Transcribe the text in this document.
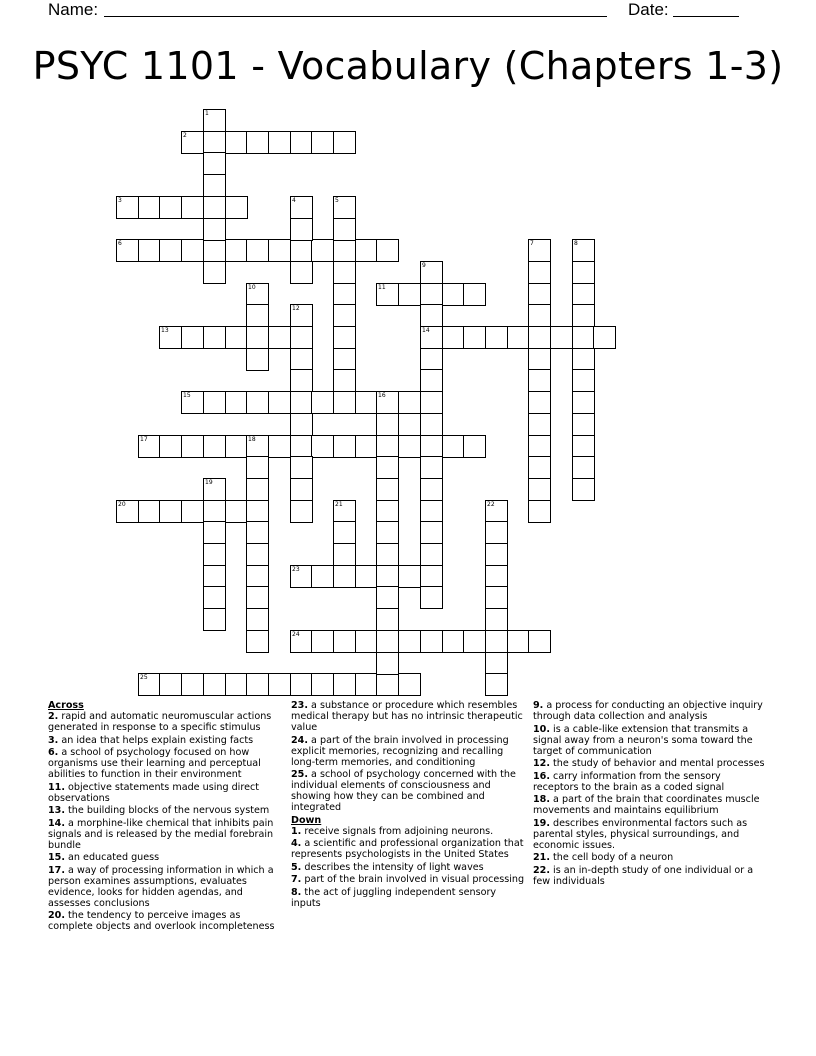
Name:	Date:
PSYC 1101 - Vocabulary (Chapters 1-3)
2
3
6
11
13	14
15	16
17	18
20
23
24
25
1
4	5
7	8
9
10
12
19
21	22
Across
2. rapid and automatic neuromuscular actions generated in response to a specific stimulus
3. an idea that helps explain existing facts
6. a school of psychology focused on how organisms use their learning and perceptual abilities to function in their environment
11. objective statements made using direct observations
13. the building blocks of the nervous system
14. a morphine-like chemical that inhibits pain signals and is released by the medial forebrain bundle
15. an educated guess
17. a way of processing information in which a person examines assumptions, evaluates evidence, looks for hidden agendas, and assesses conclusions
20. the tendency to perceive images as complete objects and overlook incompleteness
23. a substance or procedure which resembles medical therapy but has no intrinsic therapeutic value
24. a part of the brain involved in processing explicit memories, recognizing and recalling long-term memories, and conditioning
25. a school of psychology concerned with the individual elements of consciousness and showing how they can be combined and integrated
Down
1. receive signals from adjoining neurons.
4. a scientific and professional organization that represents psychologists in the United States
5. describes the intensity of light waves
7. part of the brain involved in visual processing
8. the act of juggling independent sensory inputs
9. a process for conducting an objective inquiry through data collection and analysis
10. is a cable-like extension that transmits a signal away from a neuron's soma toward the target of communication
12. the study of behavior and mental processes
16. carry information from the sensory receptors to the brain as a coded signal
18. a part of the brain that coordinates muscle movements and maintains equilibrium
19. describes environmental factors such as parental styles, physical surroundings, and economic issues.
21. the cell body of a neuron
22. is an in-depth study of one individual or a few individuals
